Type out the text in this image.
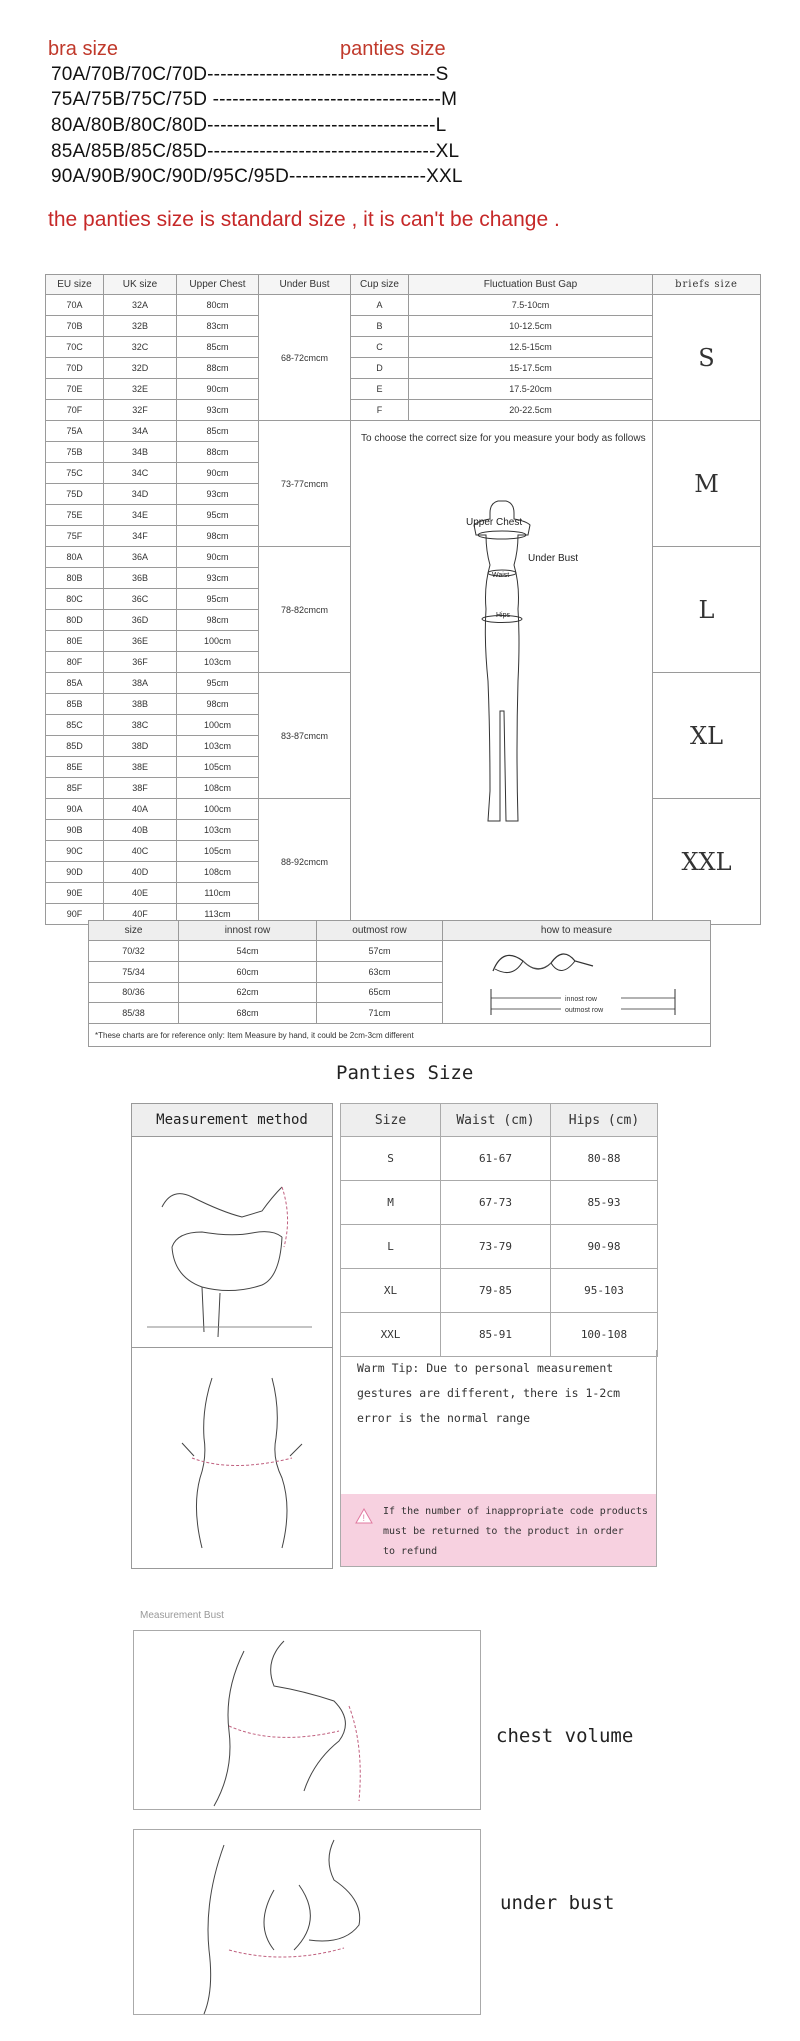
bra size	panties size
70A/70B/70C/70D-----------------------------------S
75A/75B/75C/75D -----------------------------------M
80A/80B/80C/80D-----------------------------------L
85A/85B/85C/85D-----------------------------------XL
90A/90B/90C/90D/95C/95D---------------------XXL
the panties size is standard size , it is can't be change .
EU size	UK size	Upper Chest	Under Bust	Cup size	Fluctuation Bust Gap	briefs size
70A	32A	80cm	68-72cmcm	A	7.5-10cm	S
70B	32B	83cm		B	10-12.5cm	
70C	32C	85cm		C	12.5-15cm	
70D	32D	88cm		D	15-17.5cm	
70E	32E	90cm		E	17.5-20cm	
70F	32F	93cm		F	20-22.5cm	
75A	34A	85cm	73-77cmcm	To choose the correct size for you measure your body as follows		M
75B	34B	88cm				
75C	34C	90cm				
75D	34D	93cm				
75E	34E	95cm				
75F	34F	98cm				
80A	36A	90cm	78-82cmcm			L
80B	36B	93cm				
80C	36C	95cm				
80D	36D	98cm				
80E	36E	100cm				
80F	36F	103cm				
85A	38A	95cm	83-87cmcm			XL
85B	38B	98cm				
85C	38C	100cm				
85D	38D	103cm				
85E	38E	105cm				
85F	38F	108cm				
90A	40A	100cm	88-92cmcm			XXL
90B	40B	103cm				
90C	40C	105cm				
90D	40D	108cm				
90E	40E	110cm				
90F	40F	113cm				
size	innost row	outmost row	how to measure
70/32	54cm	57cm	innost row
outmost row

75/34	60cm	63cm	
80/36	62cm	65cm	
85/38	68cm	71cm	
*These charts are for reference only: Item Measure by hand, it could be 2cm-3cm different			
Panties Size
Measurement method	Size	Waist (cm)	Hips (cm)
S	61-67	80-88
M	67-73	85-93
L	73-79	90-98
XL	79-85	95-103
XXL	85-91	100-108
Warm Tip: Due to personal measurement
gestures are different, there is 1-2cm
error is the normal range
!
If the number of inappropriate code products
must be returned to the product in order
to refund
Measurement Bust
chest volume
under bust
Upper Chest
Under Bust
Waist
Hips
